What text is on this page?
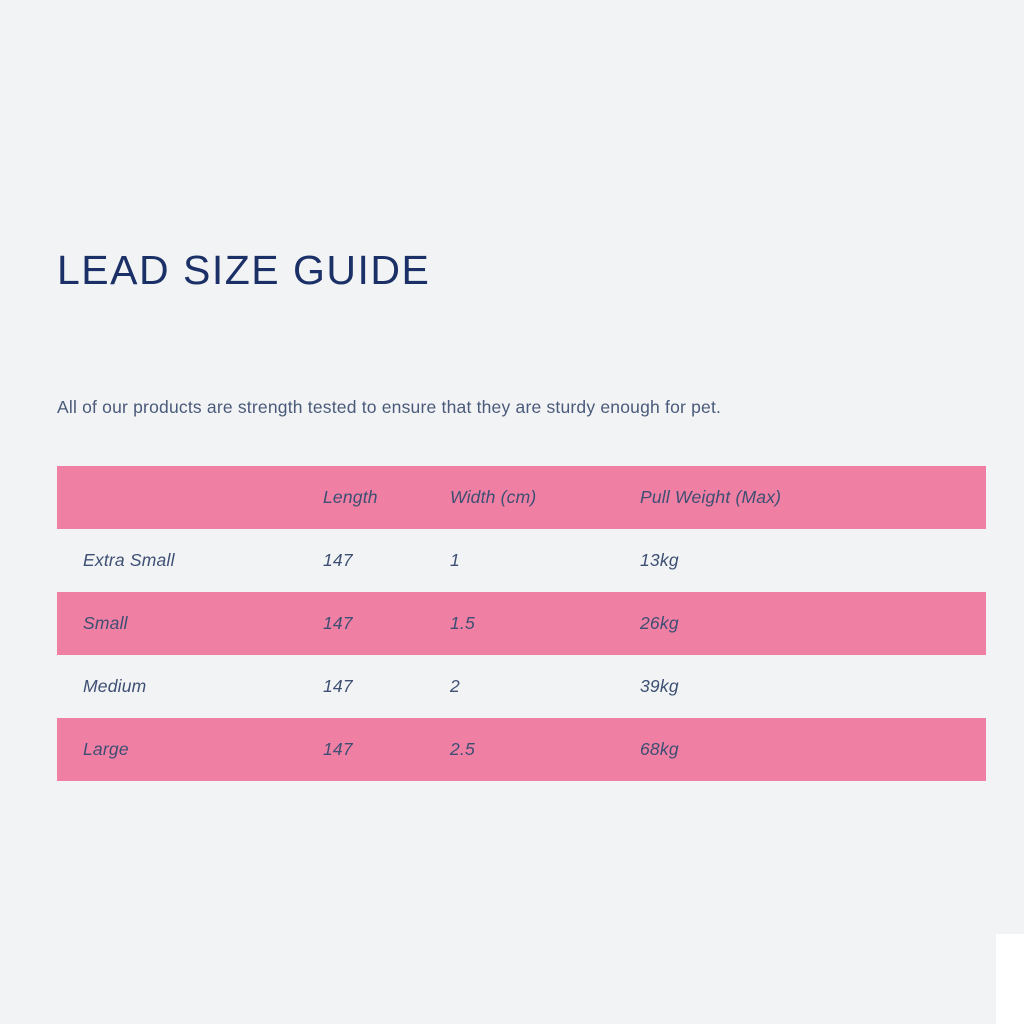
LEAD SIZE GUIDE

All of our products are strength tested to ensure that they are sturdy enough for pet.

	Length	Width (cm)	Pull Weight (Max)
Extra Small	147	1	13kg
Small	147	1.5	26kg
Medium	147	2	39kg
Large	147	2.5	68kg
